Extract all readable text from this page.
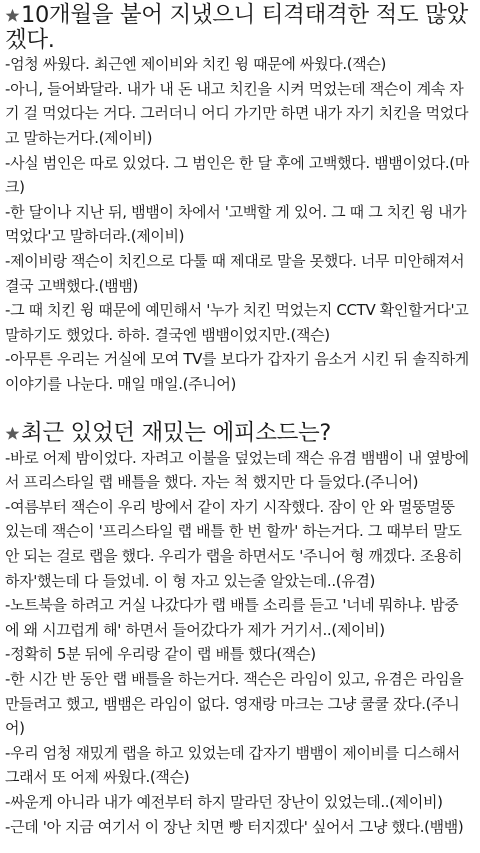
10개월을 붙어 지냈으니 티격태격한 적도 많았겠다.

-엄청 싸웠다. 최근엔 제이비와 치킨 윙 때문에 싸웠다.(잭슨)

-아니, 들어봐달라. 내가 내 돈 내고 치킨을 시켜 먹었는데 잭슨이 계속 자기 걸 먹었다는 거다. 그러더니 어디 가기만 하면 내가 자기 치킨을 먹었다고 말하는거다.(제이비)

-사실 범인은 따로 있었다. 그 범인은 한 달 후에 고백했다. 뱀뱀이었다.(마크)

-한 달이나 지난 뒤, 뱀뱀이 차에서 '고백할 게 있어. 그 때 그 치킨 윙 내가 먹었다'고 말하더라.(제이비)

-제이비랑 잭슨이 치킨으로 다툴 때 제대로 말을 못했다. 너무 미안해져서 결국 고백했다.(뱀뱀)

-그 때 치킨 윙 때문에 예민해서 '누가 치킨 먹었는지 CCTV 확인할거다'고 말하기도 했었다. 하하. 결국엔 뱀뱀이었지만.(잭슨)

-아무튼 우리는 거실에 모여 TV를 보다가 갑자기 음소거 시킨 뒤 솔직하게 이야기를 나눈다. 매일 매일.(주니어)

최근 있었던 재밌는 에피소드는?

-바로 어제 밤이었다. 자려고 이불을 덮었는데 잭슨 유겸 뱀뱀이 내 옆방에서 프리스타일 랩 배틀을 했다. 자는 척 했지만 다 들었다.(주니어)

-여름부터 잭슨이 우리 방에서 같이 자기 시작했다. 잠이 안 와 멀뚱멀뚱 있는데 잭슨이 '프리스타일 랩 배틀 한 번 할까' 하는거다. 그 때부터 말도 안 되는 걸로 랩을 했다. 우리가 랩을 하면서도 '주니어 형 깨겠다. 조용히 하자'했는데 다 들었네. 이 형 자고 있는줄 알았는데..(유겸)

-노트북을 하려고 거실 나갔다가 랩 배틀 소리를 듣고 '너네 뭐하냐. 밤중에 왜 시끄럽게 해' 하면서 들어갔다가 제가 거기서..(제이비)

-정확히 5분 뒤에 우리랑 같이 랩 배틀 했다(잭슨)

-한 시간 반 동안 랩 배틀을 하는거다. 잭슨은 라임이 있고, 유겸은 라임을 만들려고 했고, 뱀뱀은 라임이 없다. 영재랑 마크는 그냥 쿨쿨 잤다.(주니어)

-우리 엄청 재밌게 랩을 하고 있었는데 갑자기 뱀뱀이 제이비를 디스해서 그래서 또 어제 싸웠다.(잭슨)

-싸운게 아니라 내가 예전부터 하지 말라던 장난이 있었는데..(제이비)

-근데 '아 지금 여기서 이 장난 치면 빵 터지겠다' 싶어서 그냥 했다.(뱀뱀)
